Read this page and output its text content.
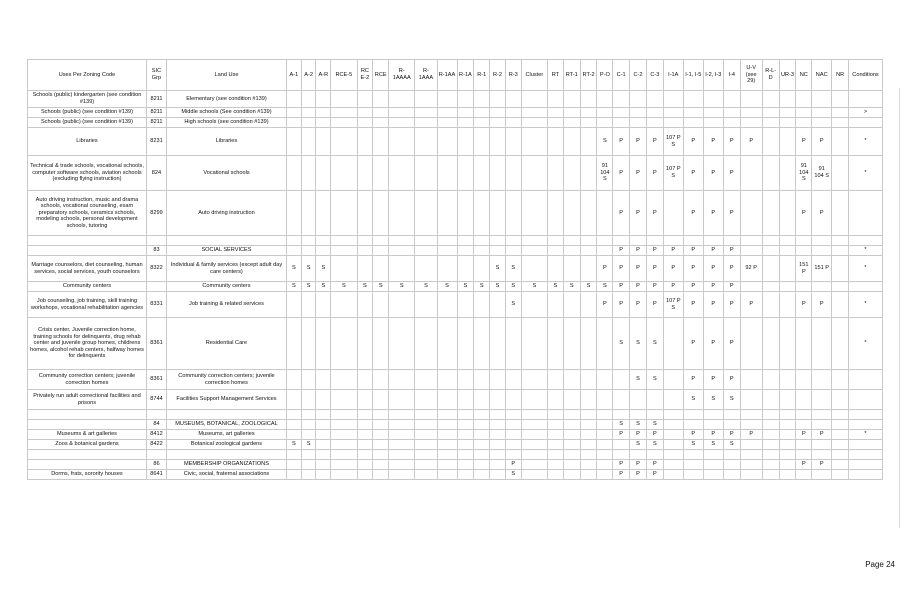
Uses Per Zoning Code	SIC Grp	Land Use	A-1	A-2	A-R	RCE-5	RC E-2	RCE	R-1AAAA	R-1AAA	R-1AA	R-1A	R-1	R-2	R-3	Cluster	RT	RT-1	RT-2	P-O	C-1	C-2	C-3	I-1A	I-1, I-5	I-2, I-3	I-4	U-V (see 29)	R-L-D	UR-3	NC	NAC	NR	Conditions
Schools (public) kindergarten (see condition #139)	8211	Elementary (see condition #139)																																
Schools (public) (see condition #139)	8211	Middle schools (See condition #139)																																>
Schools (public) (see condition #139)	8211	High schools (see condition #139)																																
Libraries	8231	Libraries																		S	P	P	P	107 P S	P	P	P	P			P	P		*
Technical & trade schools, vocational schools, computer software schools, aviation schools (excluding flying instruction)	824	Vocational schools																		91 104 S	P	P	P	107 P S	P	P	P				91 104 S	91 104 S		*
Auto driving instruction, music and drama schools, vocational counseling, exam preparatory schools, ceramics schools, modeling schools, personal development schools, tutoring	8299	Auto driving instruction																			P	P	P		P	P	P				P	P		

	83	SOCIAL SERVICES																			P	P	P	P	P	P	P							*
Marriage counselors, diet counseling, human services, social services, youth counselors	8322	Individual & family services (except adult day care centers)	S	S	S									S	S					P	P	P	P	P	P	P	P	92 P			151 P	151 P		*
Community centers		Community centers	S	S	S	S	S	S	S	S	S	S	S	S	S	S	S	S	S	S	P	P	P	P	P	P	P							
Job counseling, job training, skill training workshops, vocational rehabilitation agencies	8331	Job training & related services													S					P	P	P	P	107 P S	P	P	P	P			P	P		*
Crisis center, Juvenile correction home, training schools for delinquents, drug rehab center and juvenile group homes, childrens homes, alcohol rehab centers, halfway homes for delinquents	8361	Residential Care																			S	S	S		P	P	P							*
Community correction centers; juvenile correction homes	8361	Community correction centers; juvenile correction homes																				S	S		P	P	P							
Privately run adult correctional facilities and prisons	8744	Facilities Support Management Services																							S	S	S							

	84	MUSEUMS, BOTANICAL, ZOOLOGICAL																			S	S	S											
Museums & art galleries	8412	Museums, art galleries																			P	P	P		P	P	P	P			P	P		*
Zoos & botanical gardens	8422	Botanical zoological gardens	S	S																		S	S		S	S	S							

	86	MEMBERSHIP ORGANIZATIONS													P						P	P	P								P	P		
Dorms, frats, sorority houses	8641	Civic, social, fraternal associations													S						P	P	P											
Page 24
